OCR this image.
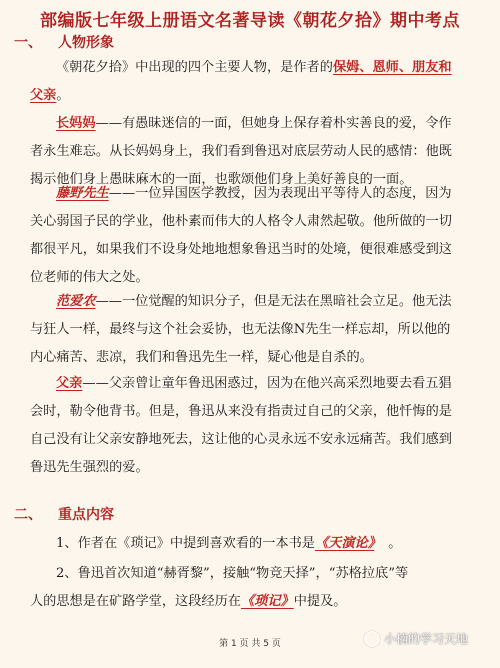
部编版七年级上册语文名著导读《朝花夕拾》期中考点
一、 人物形象
《朝花夕拾》中出现的四个主要人物，是作者的保姆、恩师、朋友和
父亲。
长妈妈——有愚昧迷信的一面，但她身上保存着朴实善良的爱，令作
者永生难忘。从长妈妈身上，我们看到鲁迅对底层劳动人民的感情：他既
揭示他们身上愚昧麻木的一面，也歌颂他们身上美好善良的一面。
藤野先生——一位异国医学教授，因为表现出平等待人的态度，因为
关心弱国子民的学业，他朴素而伟大的人格令人肃然起敬。他所做的一切
都很平凡，如果我们不设身处地地想象鲁迅当时的处境，便很难感受到这
位老师的伟大之处。
范爱农——一位觉醒的知识分子，但是无法在黑暗社会立足。他无法
与狂人一样，最终与这个社会妥协，也无法像N先生一样忘却，所以他的
内心痛苦、悲凉，我们和鲁迅先生一样，疑心他是自杀的。
父亲——父亲曾让童年鲁迅困惑过，因为在他兴高采烈地要去看五猖
会时，勒令他背书。但是，鲁迅从来没有指责过自己的父亲，他忏悔的是
自己没有让父亲安静地死去，这让他的心灵永远不安永远痛苦。我们感到
鲁迅先生强烈的爱。
二、 重点内容
1、作者在《琐记》中提到喜欢看的一本书是《天演论》 。
2、鲁迅首次知道“赫胥黎”，接触“物竞天择”，“苏格拉底”等
人的思想是在矿路学堂，这段经历在《琐记》中提及。
第 1 页 共 5 页	小楠的学习天地
